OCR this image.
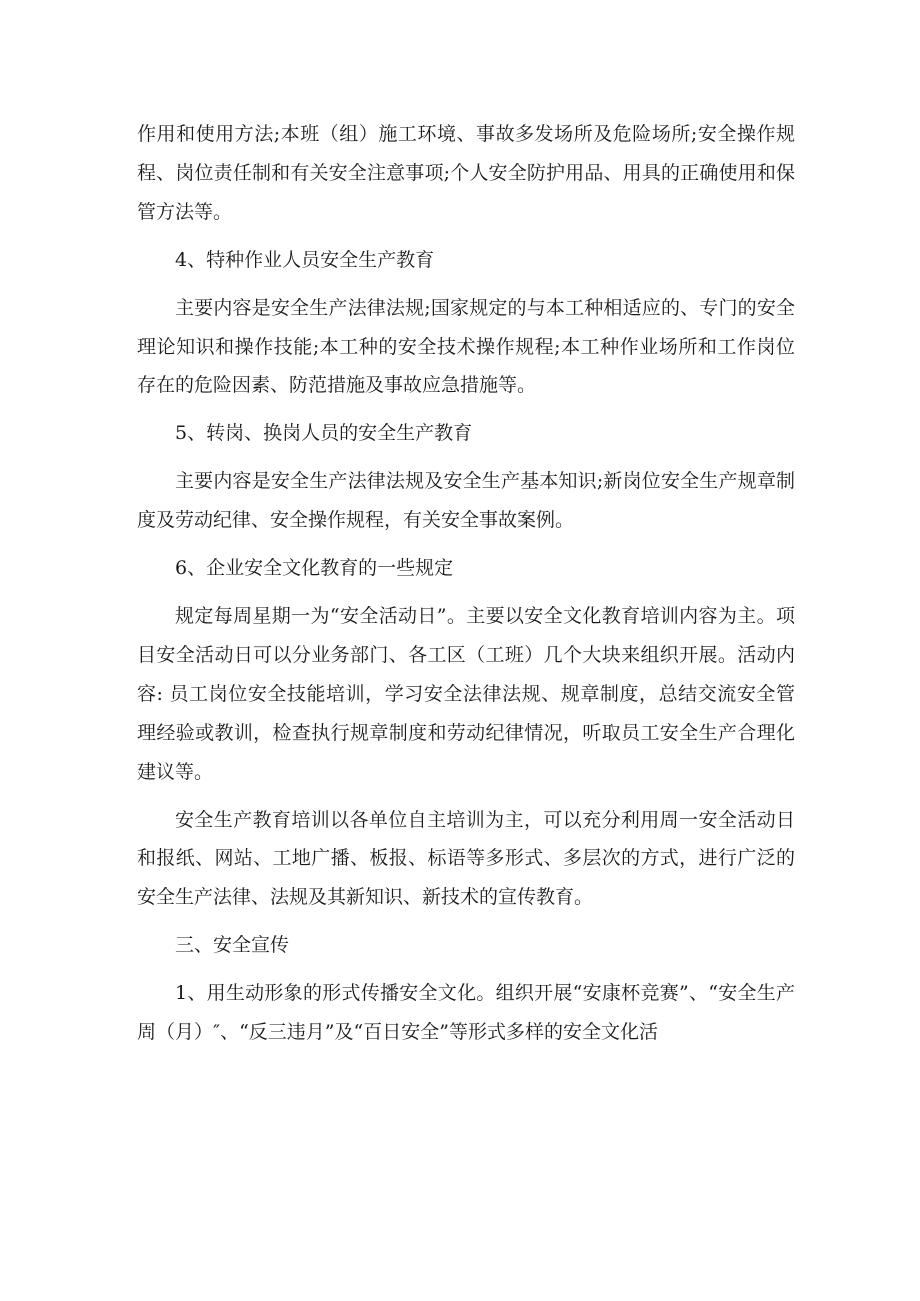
作用和使用方法;本班（组）施工环境、事故多发场所及危险场所;安全操作规程、岗位责任制和有关安全注意事项;个人安全防护用品、用具的正确使用和保管方法等。

4、特种作业人员安全生产教育

主要内容是安全生产法律法规;国家规定的与本工种相适应的、专门的安全理论知识和操作技能;本工种的安全技术操作规程;本工种作业场所和工作岗位存在的危险因素、防范措施及事故应急措施等。

5、转岗、换岗人员的安全生产教育

主要内容是安全生产法律法规及安全生产基本知识;新岗位安全生产规章制度及劳动纪律、安全操作规程，有关安全事故案例。

6、企业安全文化教育的一些规定

规定每周星期一为“安全活动日”。主要以安全文化教育培训内容为主。项目安全活动日可以分业务部门、各工区（工班）几个大块来组织开展。活动内容: 员工岗位安全技能培训，学习安全法律法规、规章制度，总结交流安全管理经验或教训，检查执行规章制度和劳动纪律情况，听取员工安全生产合理化建议等。

安全生产教育培训以各单位自主培训为主，可以充分利用周一安全活动日和报纸、网站、工地广播、板报、标语等多形式、多层次的方式，进行广泛的安全生产法律、法规及其新知识、新技术的宣传教育。

三、安全宣传

1、用生动形象的形式传播安全文化。组织开展“安康杯竞赛”、“安全生产周（月）″、“反三违月”及“百日安全”等形式多样的安全文化活
